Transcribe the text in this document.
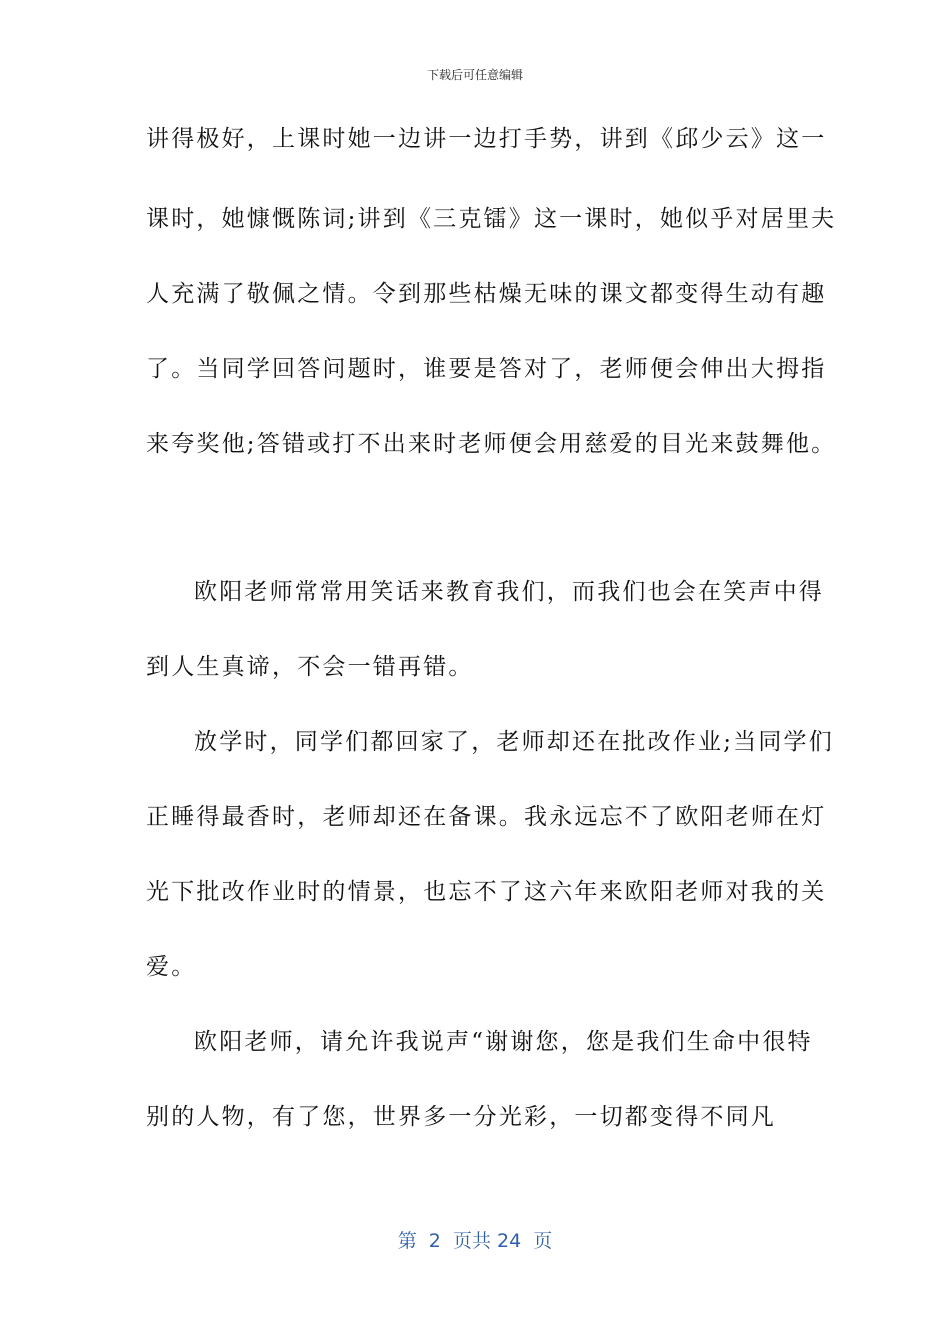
下载后可任意编辑
讲得极好，上课时她一边讲一边打手势，讲到《邱少云》这一
课时，她慷慨陈词;讲到《三克镭》这一课时，她似乎对居里夫
人充满了敬佩之情。令到那些枯燥无味的课文都变得生动有趣
了。当同学回答问题时，谁要是答对了，老师便会伸出大拇指
来夸奖他;答错或打不出来时老师便会用慈爱的目光来鼓舞他。
欧阳老师常常用笑话来教育我们，而我们也会在笑声中得
到人生真谛，不会一错再错。
放学时，同学们都回家了，老师却还在批改作业;当同学们
正睡得最香时，老师却还在备课。我永远忘不了欧阳老师在灯
光下批改作业时的情景，也忘不了这六年来欧阳老师对我的关
爱。
欧阳老师，请允许我说声“谢谢您，您是我们生命中很特
别的人物，有了您，世界多一分光彩，一切都变得不同凡
第  2  页共 24  页
